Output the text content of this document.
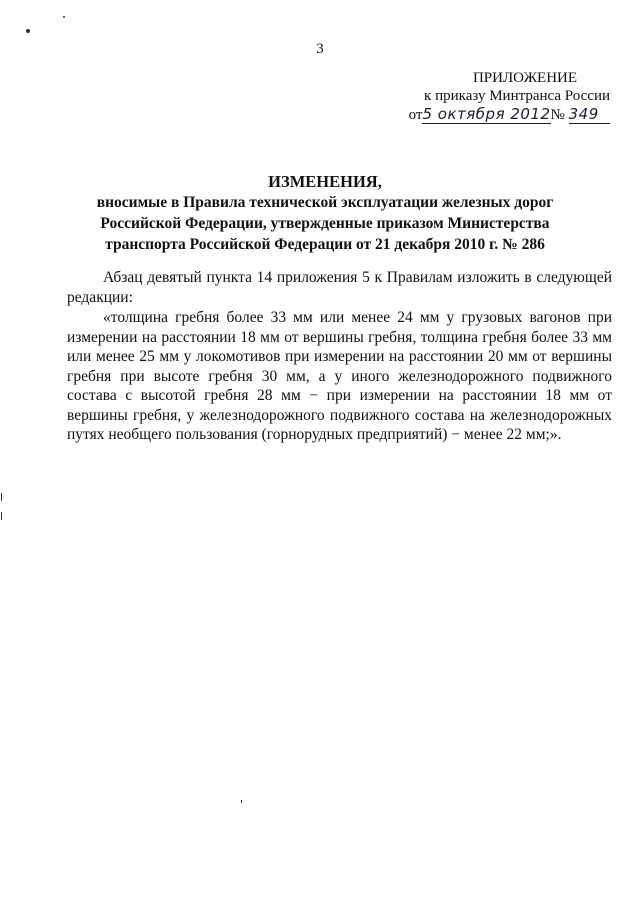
3
ПРИЛОЖЕНИЕ
к приказу Минтранса России
от5 октября 2012№ 349
ИЗМЕНЕНИЯ,
вносимые в Правила технической эксплуатации железных дорог Российской Федерации, утвержденные приказом Министерства транспорта Российской Федерации от 21 декабря 2010 г. № 286

Абзац девятый пункта 14 приложения 5 к Правилам изложить в следующей редакции:

«толщина гребня более 33 мм или менее 24 мм у грузовых вагонов при измерении на расстоянии 18 мм от вершины гребня, толщина гребня более 33 мм или менее 25 мм у локомотивов при измерении на расстоянии 20 мм от вершины гребня при высоте гребня 30 мм, а у иного железнодорожного подвижного состава с высотой гребня 28 мм − при измерении на расстоянии 18 мм от вершины гребня, у железнодорожного подвижного состава на железнодорожных путях необщего пользования (горнорудных предприятий) − менее 22 мм;».
